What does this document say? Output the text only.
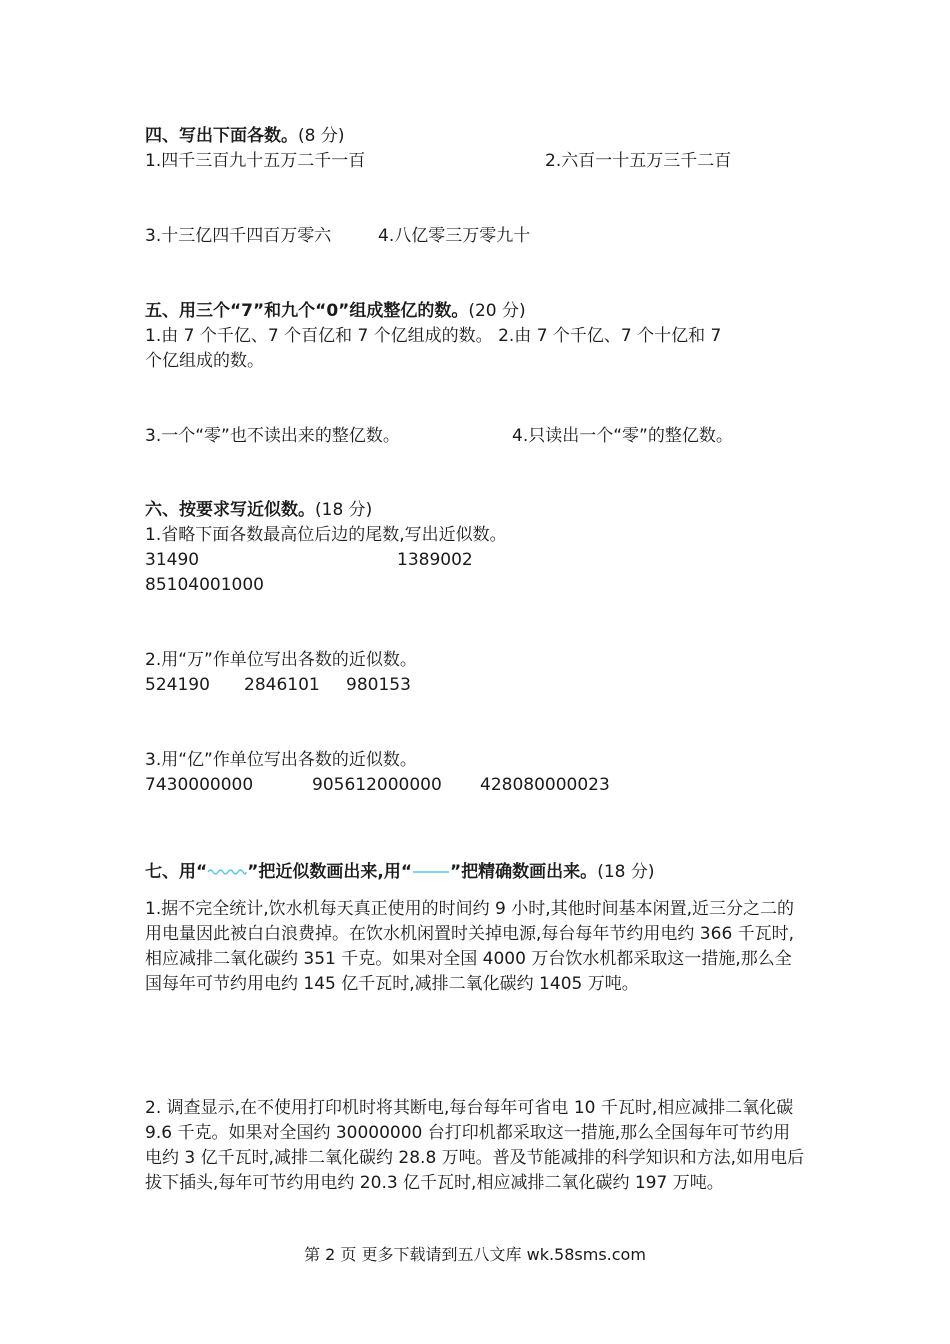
四、写出下面各数。(8 分)
1.四千三百九十五万二千一百	2.六百一十五万三千二百
3.十三亿四千四百万零六	4.八亿零三万零九十
五、用三个“7”和九个“0”组成整亿的数。(20 分)
1.由 7 个千亿、7 个百亿和 7 个亿组成的数。 2.由 7 个千亿、7 个十亿和 7
个亿组成的数。
3.一个“零”也不读出来的整亿数。	4.只读出一个“零”的整亿数。
六、按要求写近似数。(18 分)
1.省略下面各数最高位后边的尾数,写出近似数。
31490	1389002
85104001000
2.用“万”作单位写出各数的近似数。
524190 2846101 980153
3.用“亿”作单位写出各数的近似数。
7430000000	905612000000 428080000023
七、用“ ”把近似数画出来,用“ ”把精确数画出来。(18 分)
1.据不完全统计,饮水机每天真正使用的时间约 9 小时,其他时间基本闲置,近三分之二的用电量因此被白白浪费掉。在饮水机闲置时关掉电源,每台每年节约用电约 366 千瓦时,相应减排二氧化碳约 351 千克。如果对全国 4000 万台饮水机都采取这一措施,那么全国每年可节约用电约 145 亿千瓦时,减排二氧化碳约 1405 万吨。
2. 调查显示,在不使用打印机时将其断电,每台每年可省电 10 千瓦时,相应减排二氧化碳 9.6 千克。如果对全国约 30000000 台打印机都采取这一措施,那么全国每年可节约用电约 3 亿千瓦时,减排二氧化碳约 28.8 万吨。普及节能减排的科学知识和方法,如用电后拔下插头,每年可节约用电约 20.3 亿千瓦时,相应减排二氧化碳约 197 万吨。
第 2 页 更多下载请到五八文库 wk.58sms.com
